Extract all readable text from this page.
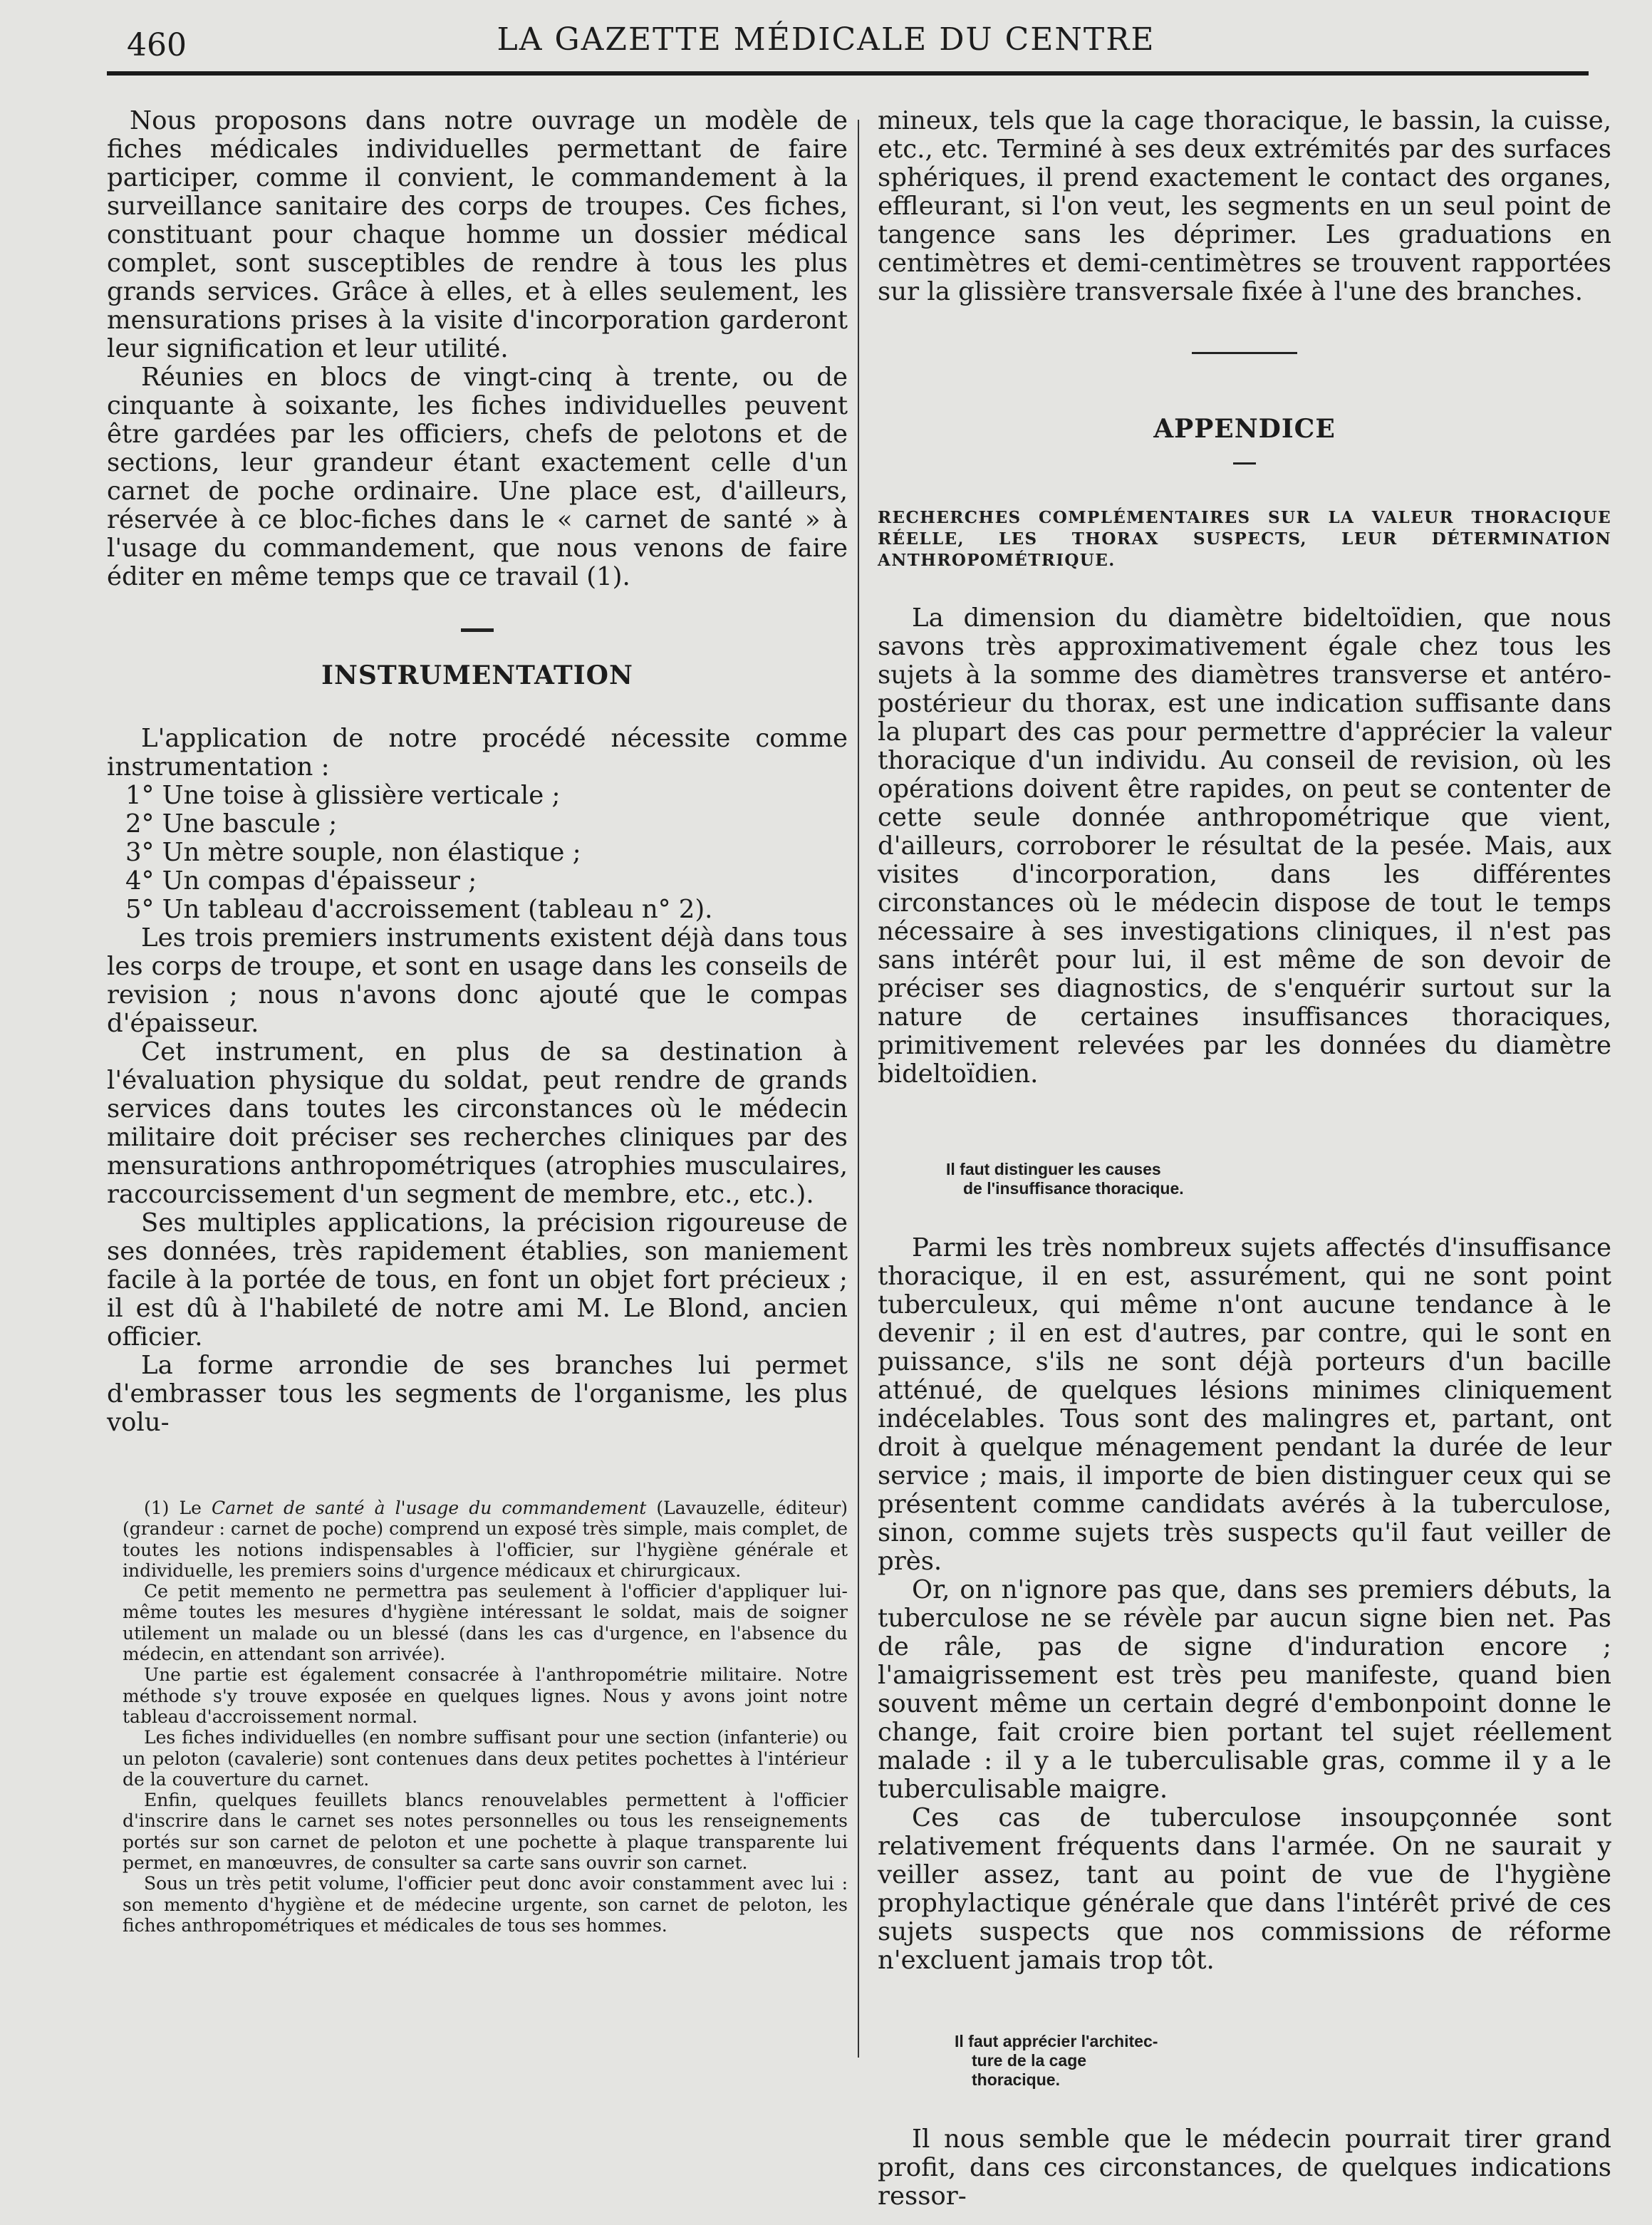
460	LA GAZETTE MÉDICALE DU CENTRE

Nous proposons dans notre ouvrage un modèle de fiches médicales individuelles permettant de faire participer, comme il convient, le commandement à la surveillance sanitaire des corps de troupes. Ces fiches, constituant pour chaque homme un dossier médical complet, sont susceptibles de rendre à tous les plus grands services. Grâce à elles, et à elles seulement, les mensurations prises à la visite d'incorporation garderont leur signification et leur utilité.

Réunies en blocs de vingt-cinq à trente, ou de cinquante à soixante, les fiches individuelles peuvent être gardées par les officiers, chefs de pelotons et de sections, leur grandeur étant exactement celle d'un carnet de poche ordinaire. Une place est, d'ailleurs, réservée à ce bloc-fiches dans le « carnet de santé » à l'usage du commandement, que nous venons de faire éditer en même temps que ce travail (1).

INSTRUMENTATION

L'application de notre procédé nécessite comme instrumentation :

1° Une toise à glissière verticale ;

2° Une bascule ;

3° Un mètre souple, non élastique ;

4° Un compas d'épaisseur ;

5° Un tableau d'accroissement (tableau n° 2).

Les trois premiers instruments existent déjà dans tous les corps de troupe, et sont en usage dans les conseils de revision ; nous n'avons donc ajouté que le compas d'épaisseur.

Cet instrument, en plus de sa destination à l'évaluation physique du soldat, peut rendre de grands services dans toutes les circonstances où le médecin militaire doit préciser ses recherches cliniques par des mensurations anthropométriques (atrophies musculaires, raccourcissement d'un segment de membre, etc., etc.).

Ses multiples applications, la précision rigoureuse de ses données, très rapidement établies, son maniement facile à la portée de tous, en font un objet fort précieux ; il est dû à l'habileté de notre ami M. Le Blond, ancien officier.

La forme arrondie de ses branches lui permet d'embrasser tous les segments de l'organisme, les plus volu-

(1) Le Carnet de santé à l'usage du commandement (Lavauzelle, éditeur) (grandeur : carnet de poche) comprend un exposé très simple, mais complet, de toutes les notions indispensables à l'officier, sur l'hygiène générale et individuelle, les premiers soins d'urgence médicaux et chirurgicaux.

Ce petit memento ne permettra pas seulement à l'officier d'appliquer lui-même toutes les mesures d'hygiène intéressant le soldat, mais de soigner utilement un malade ou un blessé (dans les cas d'urgence, en l'absence du médecin, en attendant son arrivée).

Une partie est également consacrée à l'anthropométrie militaire. Notre méthode s'y trouve exposée en quelques lignes. Nous y avons joint notre tableau d'accroissement normal.

Les fiches individuelles (en nombre suffisant pour une section (infanterie) ou un peloton (cavalerie) sont contenues dans deux petites pochettes à l'intérieur de la couverture du carnet.

Enfin, quelques feuillets blancs renouvelables permettent à l'officier d'inscrire dans le carnet ses notes personnelles ou tous les renseignements portés sur son carnet de peloton et une pochette à plaque transparente lui permet, en manœuvres, de consulter sa carte sans ouvrir son carnet.

Sous un très petit volume, l'officier peut donc avoir constamment avec lui : son memento d'hygiène et de médecine urgente, son carnet de peloton, les fiches anthropométriques et médicales de tous ses hommes.

mineux, tels que la cage thoracique, le bassin, la cuisse, etc., etc. Terminé à ses deux extrémités par des surfaces sphériques, il prend exactement le contact des organes, effleurant, si l'on veut, les segments en un seul point de tangence sans les déprimer. Les graduations en centimètres et demi-centimètres se trouvent rapportées sur la glissière transversale fixée à l'une des branches.

APPENDICE

RECHERCHES COMPLÉMENTAIRES SUR LA VALEUR THORACIQUE RÉELLE, LES THORAX SUSPECTS, LEUR DÉTERMINATION ANTHROPOMÉTRIQUE.

La dimension du diamètre bideltoïdien, que nous savons très approximativement égale chez tous les sujets à la somme des diamètres transverse et antéro-postérieur du thorax, est une indication suffisante dans la plupart des cas pour permettre d'apprécier la valeur thoracique d'un individu. Au conseil de revision, où les opérations doivent être rapides, on peut se contenter de cette seule donnée anthropométrique que vient, d'ailleurs, corroborer le résultat de la pesée. Mais, aux visites d'incorporation, dans les différentes circonstances où le médecin dispose de tout le temps nécessaire à ses investigations cliniques, il n'est pas sans intérêt pour lui, il est même de son devoir de préciser ses diagnostics, de s'enquérir surtout sur la nature de certaines insuffisances thoraciques, primitivement relevées par les données du diamètre bideltoïdien.

Il faut distinguer les causes
de l'insuffisance thoracique.

Parmi les très nombreux sujets affectés d'insuffisance thoracique, il en est, assurément, qui ne sont point tuberculeux, qui même n'ont aucune tendance à le devenir ; il en est d'autres, par contre, qui le sont en puissance, s'ils ne sont déjà porteurs d'un bacille atténué, de quelques lésions minimes cliniquement indécelables. Tous sont des malingres et, partant, ont droit à quelque ménagement pendant la durée de leur service ; mais, il importe de bien distinguer ceux qui se présentent comme candidats avérés à la tuberculose, sinon, comme sujets très suspects qu'il faut veiller de près.

Or, on n'ignore pas que, dans ses premiers débuts, la tuberculose ne se révèle par aucun signe bien net. Pas de râle, pas de signe d'induration encore ; l'amaigrissement est très peu manifeste, quand bien souvent même un certain degré d'embonpoint donne le change, fait croire bien portant tel sujet réellement malade : il y a le tuberculisable gras, comme il y a le tuberculisable maigre.

Ces cas de tuberculose insoupçonnée sont relativement fréquents dans l'armée. On ne saurait y veiller assez, tant au point de vue de l'hygiène prophylactique générale que dans l'intérêt privé de ces sujets suspects que nos commissions de réforme n'excluent jamais trop tôt.

Il faut apprécier l'architec-
ture de la cage
thoracique.

Il nous semble que le médecin pourrait tirer grand profit, dans ces circonstances, de quelques indications ressor-
